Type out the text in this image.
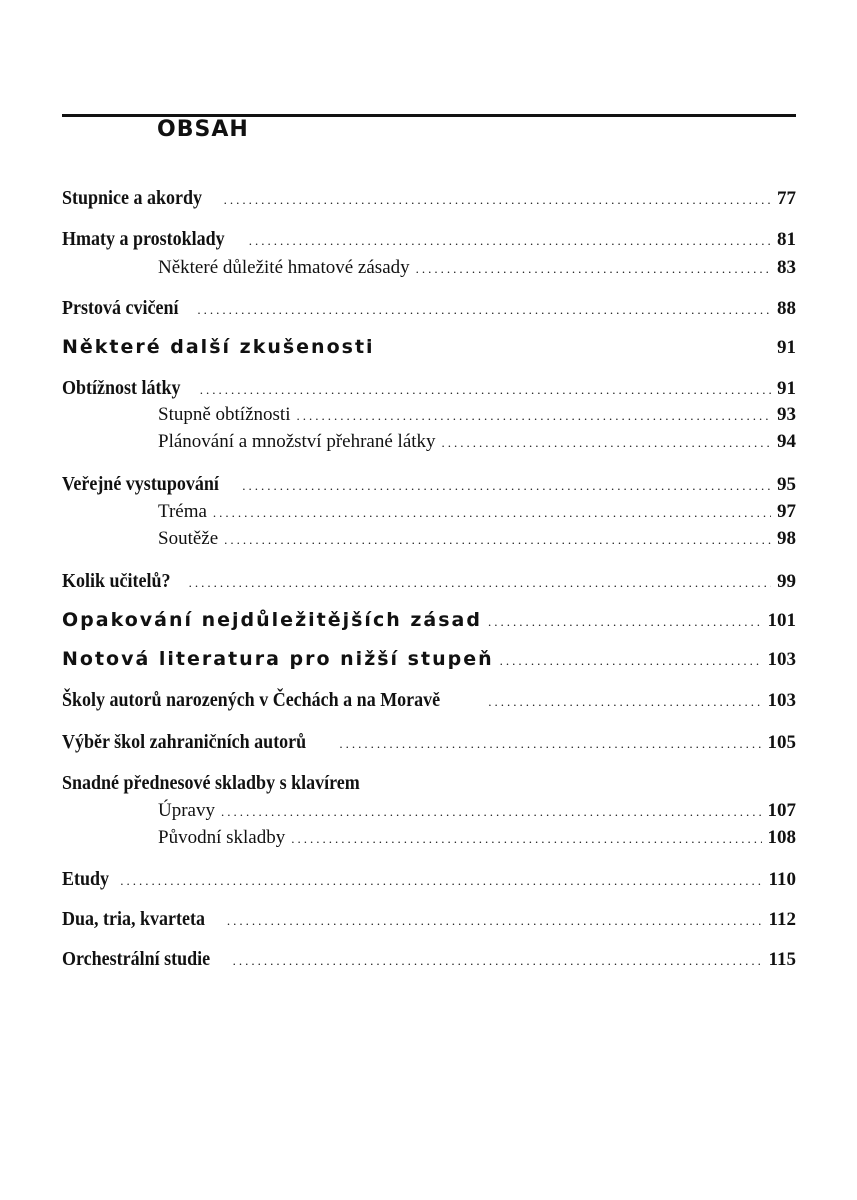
OBSAH
Stupnice a akordy .....	77
Hmaty a prostoklady .....	81
Některé důležité hmatové zásady .....	83
Prstová cvičení .....	88
Některé další zkušenosti	91
Obtížnost látky .....	91
Stupně obtížnosti .....	93
Plánování a množství přehrané látky .....	94
Veřejné vystupování .....	95
Tréma .....	97
Soutěže .....	98
Kolik učitelů? .....	99
Opakování nejdůležitějších zásad .....	101
Notová literatura pro nižší stupeň .....	103
Školy autorů narozených v Čechách a na Moravě .....	103
Výběr škol zahraničních autorů .....	105
Snadné přednesové skladby s klavírem
Úpravy .....	107
Původní skladby .....	108
Etudy .....	110
Dua, tria, kvarteta .....	112
Orchestrální studie .....	115
